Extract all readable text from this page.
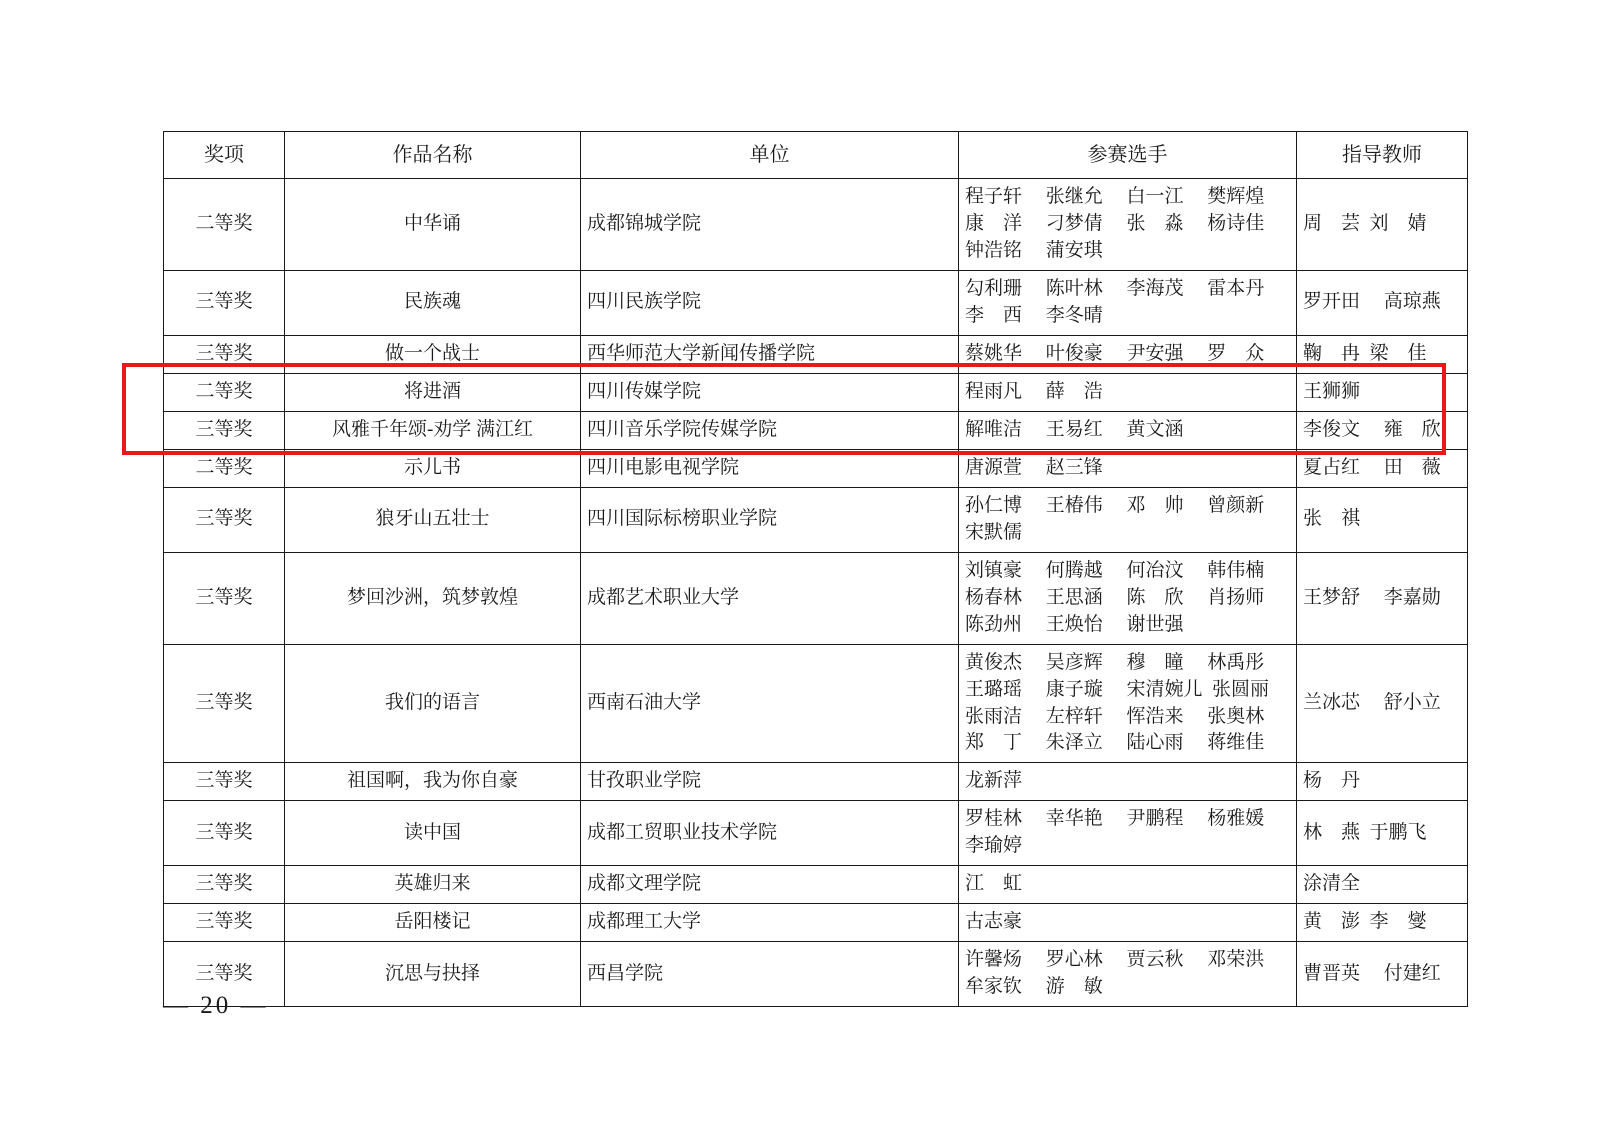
奖项	作品名称	单位	参赛选手	指导教师
二等奖	中华诵	成都锦城学院	程子轩　 张继允　 白一江　 樊辉煌
康　洋　 刁梦倩　 张　淼　 杨诗佳
钟浩铭　 蒲安琪	周　芸  刘　婧

三等奖	民族魂	四川民族学院	勾利珊　 陈叶林　 李海茂　 雷本丹
李　西　 李冬晴	罗开田　 高琼燕

三等奖	做一个战士	西华师范大学新闻传播学院	蔡姚华　 叶俊豪　 尹安强　 罗　众	鞠　冉  梁　佳

二等奖	将进酒	四川传媒学院	程雨凡　 薛　浩	王狮狮

三等奖	风雅千年颂-劝学 满江红	四川音乐学院传媒学院	解唯洁　 王易红　 黄文涵	李俊文　 雍　欣

二等奖	示儿书	四川电影电视学院	唐源萱　 赵三锋	夏占红　 田　薇

三等奖	狼牙山五壮士	四川国际标榜职业学院	孙仁博　 王椿伟　 邓　帅　 曾颜新
宋默儒	张　祺

三等奖	梦回沙洲，筑梦敦煌	成都艺术职业大学	刘镇豪　 何腾越　 何冶汶　 韩伟楠
杨春林　 王思涵　 陈　欣　 肖扬师
陈劲州　 王焕怡　 谢世强	王梦舒　 李嘉勋

三等奖	我们的语言	西南石油大学	黄俊杰　 吴彦辉　 穆　瞳　 林禹彤
王璐瑶　 康子璇　 宋清婉儿  张圆丽
张雨洁　 左梓轩　 恽浩来　 张奥林
郑　丁　 朱泽立　 陆心雨　 蒋维佳	兰冰芯　 舒小立

三等奖	祖国啊，我为你自豪	甘孜职业学院	龙新萍	杨　丹

三等奖	读中国	成都工贸职业技术学院	罗桂林　 幸华艳　 尹鹏程　 杨雅媛
李瑜婷	林　燕  于鹏飞

三等奖	英雄归来	成都文理学院	江　虹	涂清全

三等奖	岳阳楼记	成都理工大学	古志豪	黄　澎  李　燮

三等奖	沉思与抉择	西昌学院	许馨炀　 罗心林　 贾云秋　 邓荣洪
牟家钦　 游　敏	曹晋英　 付建红
— 20 —
